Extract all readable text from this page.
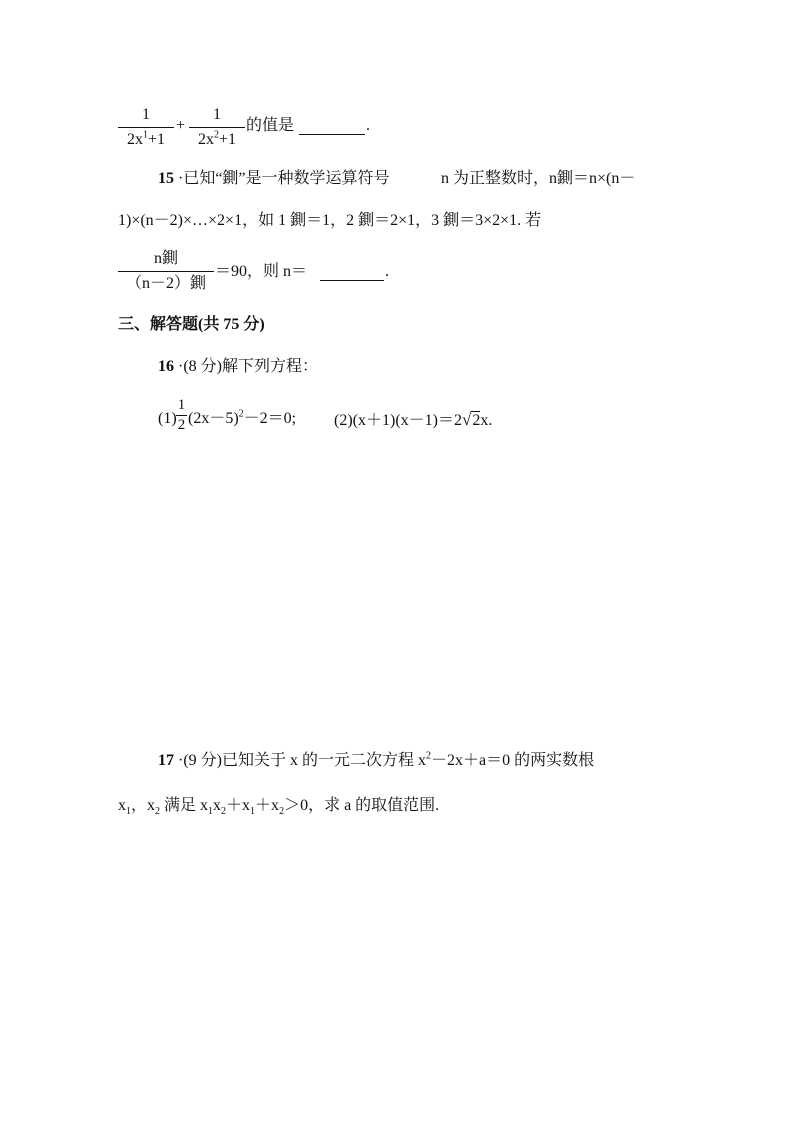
1
$2x^1+1$
+
1
$2x^2+1$
的值是	.
15 ·已知“鍘”是一种数学运算符号	n 为正整数时，n鍘＝n×(n－
1)×(n－2)×…×2×1，如 1 鍘＝1，2 鍘＝2×1，3 鍘＝3×2×1. 若
n鍘
（n－2）鍘
＝90，则 n＝	.
三、解答题(共 75 分)
16 ·(8 分)解下列方程：
(1)
1
2 $(2x-5)^2-2=0$; (2)(x＋1)(x－1)＝2√2x.
17 ·(9 分)已知关于 x 的一元二次方程 $x^2-2x+a=0$ 的两实数根
$x_1$，$x_2$ 满足 $x_1x_2+x_1+x_2>0$，求 a 的取值范围.
